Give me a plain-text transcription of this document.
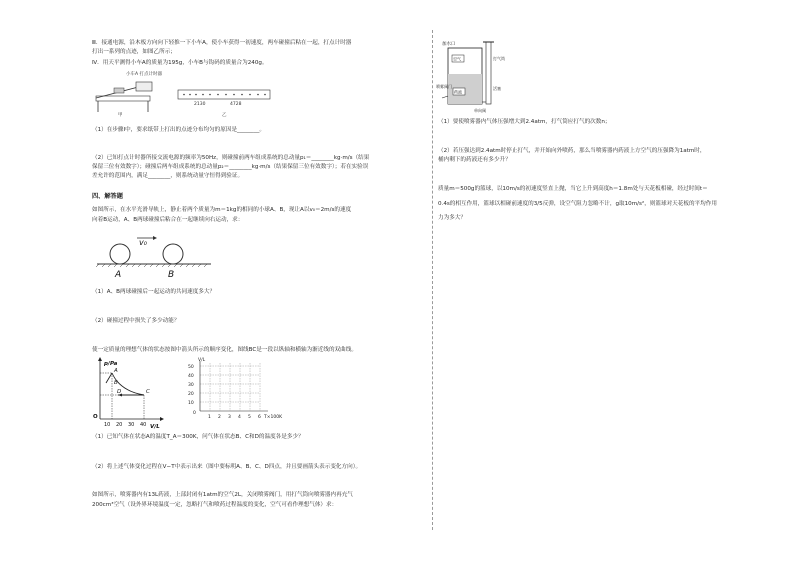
Ⅲ．接通电源，沿木板方向向下轻推一下小车A，使小车获得一初速度，两车碰撞后粘在一起，打点计时器
打出一系列的点迹，如图乙所示；
Ⅳ．用天平测得小车A的质量为195g，小车B与钩码的质量合为240g。
小车A 打点计时器
甲
2130	4728
乙
（1）在步骤Ⅰ中，要求纸带上打出的点迹分布均匀的原因是________。
（2）已知打点计时器所接交流电源的频率为50Hz，则碰撞前两车组成系统的总动量p₁＝________kg·m/s（结果
保留三位有效数字）；碰撞后两车组成系统的总动量p₂＝________kg·m/s（结果保留三位有效数字）；若在实验误
差允许的范围内，满足________，则系统动量守恒得到验证。
四、解答题
如图所示，在水平光滑导轨上，静止着两个质量为m＝1kg的相同的小球A、B，现让A以v₀＝2m/s的速度
向着B运动，A、B两球碰撞后粘合在一起继续向右运动，求：
v₀
A	B
（1）A、B两球碰撞后一起运动的共同速度多大？
（2）碰撞过程中损失了多少动能？
使一定质量的理想气体的状态按图中箭头所示的顺序变化，图线BC是一段以纵轴和横轴为渐近线的双曲线。
p/Pa
V/L
O
A
B
C
D
10 20 30 40
V/L
50
40
30
20
10
0
1 2 3 4 5 6 T×100K
（1）已知气体在状态A的温度T_A＝300K，问气体在状态B、C和D的温度各是多少？
（2）将上述气体变化过程在V−T中表示出来（图中要标明A、B、C、D四点，并且要画箭头表示变化方向）。
如图所示，喷雾器内有13L药液，上部封闭有1atm的空气2L，关闭喷雾阀门，用打气筒向喷雾器内再充气
200cm³空气（设外界环境温度一定，忽略打气和喷药过程温度的变化，空气可看作理想气体）求：
加水口
空气
药液
打气筒
活塞
喷雾阀门
单向阀
（1）要使喷雾器内气体压强增大到2.4atm，打气筒应打气的次数n；
（2）若压强达到2.4atm时停止打气，并开始向外喷药，那么当喷雾器内药液上方空气的压强降为1atm时，
桶内剩下的药液还有多少升？
质量m＝500g的篮球，以10m/s的初速度竖直上抛，当它上升到高度h＝1.8m处与天花板相碰，经过时间t＝
0.4s的相互作用，篮球以相碰前速度的3/5反弹，设空气阻力忽略不计，g取10m/s²，则篮球对天花板的平均作用
力为多大？
